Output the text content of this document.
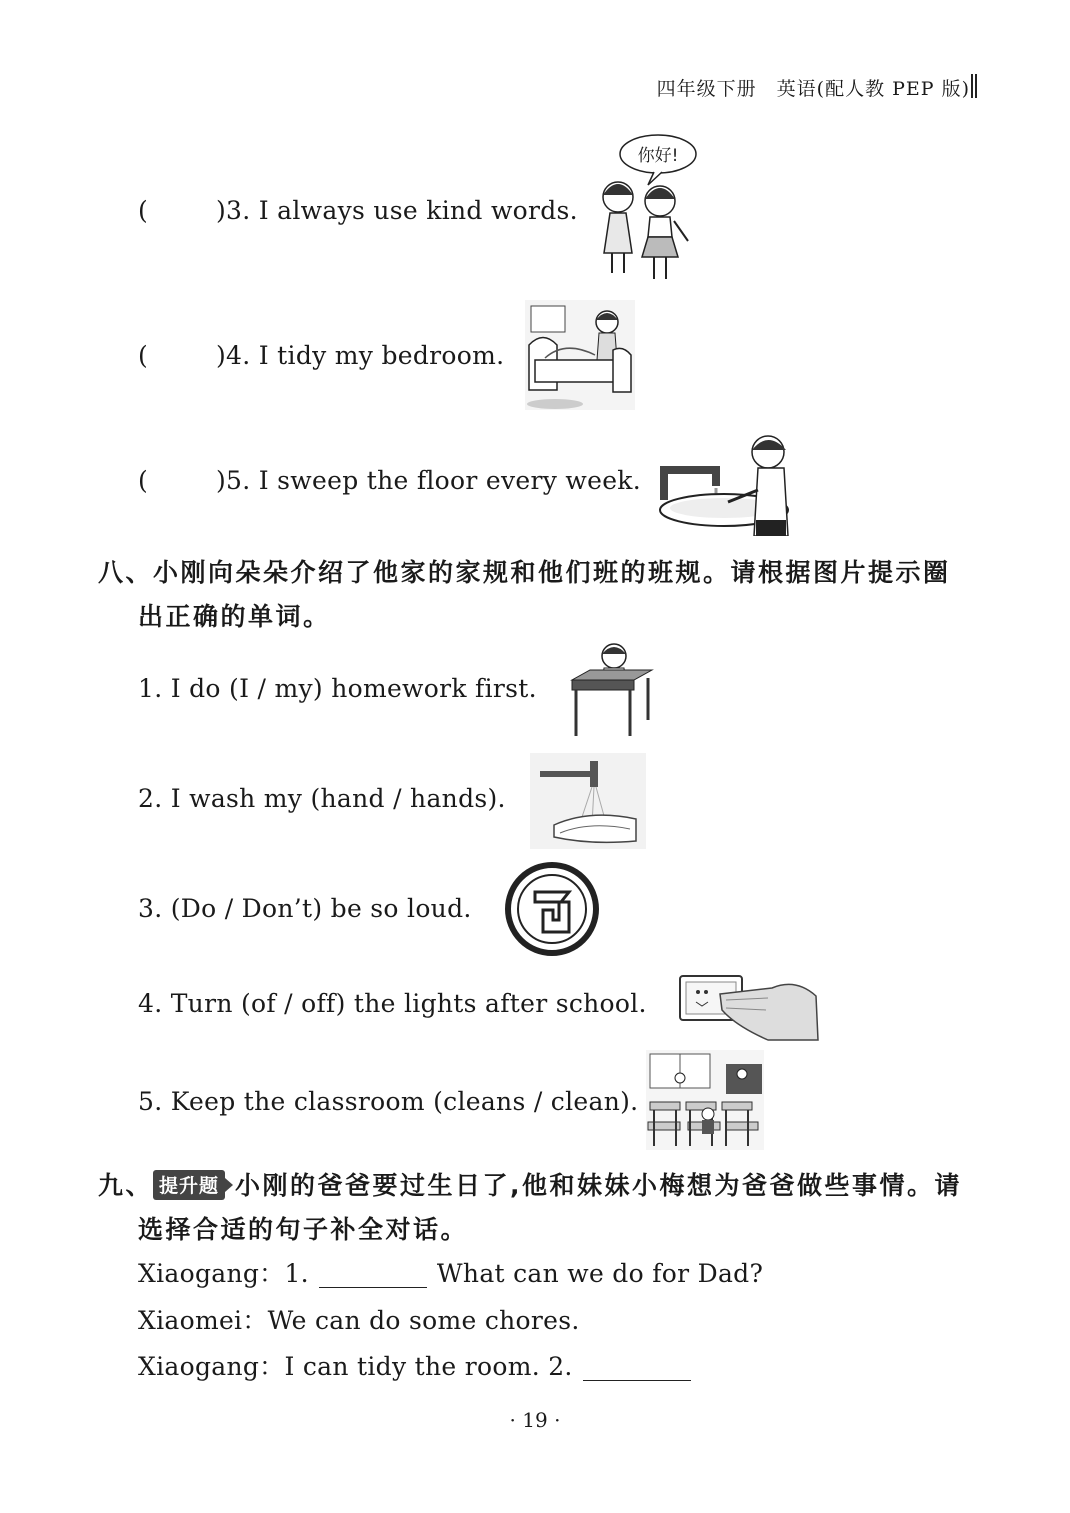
四年级下册　英语(配人教 PEP 版)
(	)3. I always use kind words.
你好!
(	)4. I tidy my bedroom.
(	)5. I sweep the floor every week.
八、小刚向朵朵介绍了他家的家规和他们班的班规。请根据图片提示圈
出正确的单词。
1. I do (I / my) homework first.
2. I wash my (hand / hands).
3. (Do / Don’t) be so loud.
4. Turn (of / off) the lights after school.
5. Keep the classroom (cleans / clean).
九、 提升题 小刚的爸爸要过生日了,他和妹妹小梅想为爸爸做些事情。请
选择合适的句子补全对话。
Xiaogang：1.	What can we do for Dad?
Xiaomei：We can do some chores.
Xiaogang：I can tidy the room. 2.
· 19 ·
